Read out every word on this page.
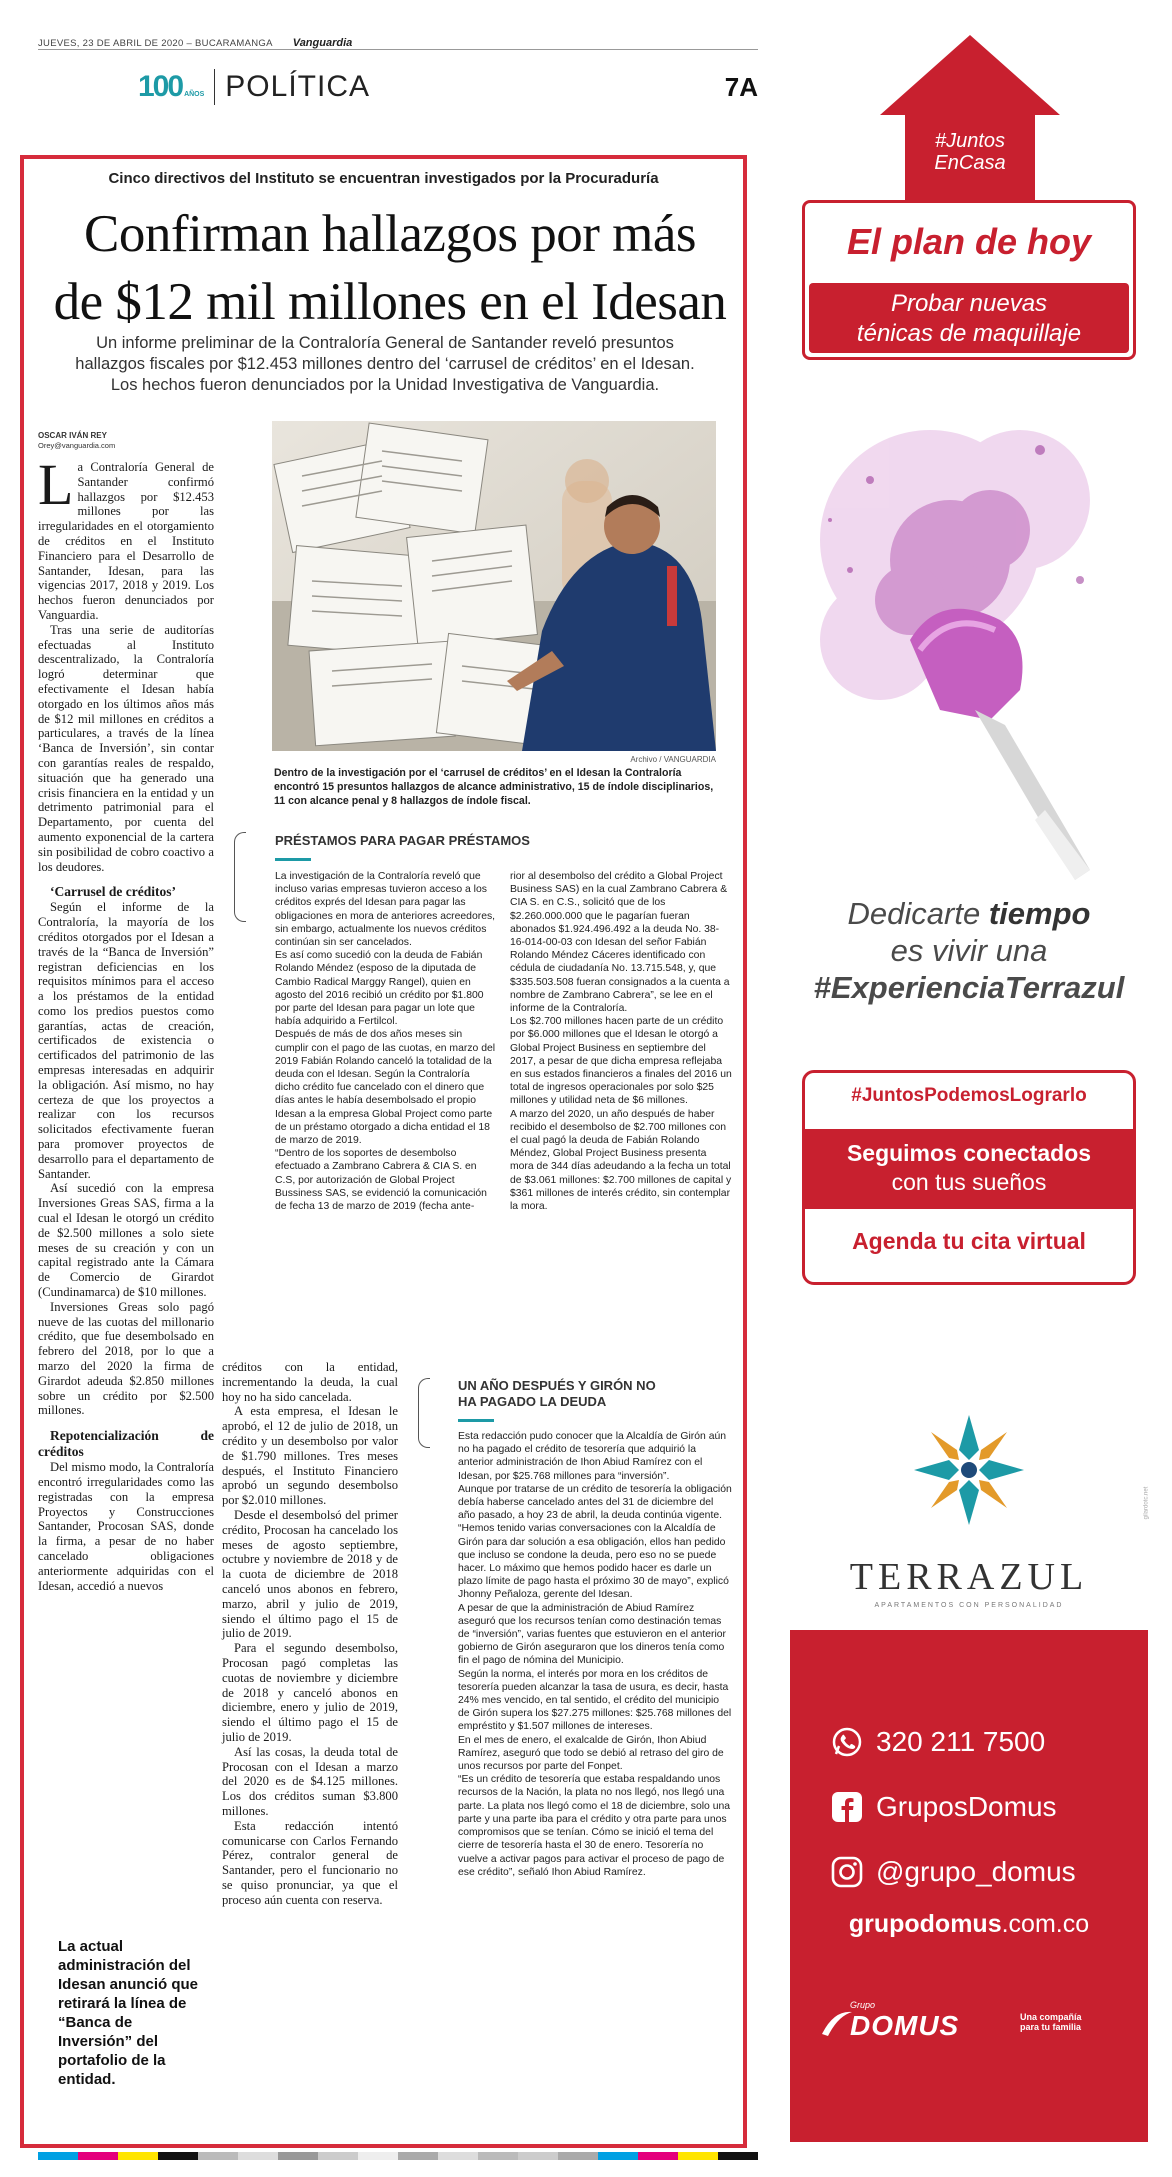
JUEVES, 23 DE ABRIL DE 2020 – BUCARAMANGA Vanguardia
100 AÑOS POLÍTICA	7A
Cinco directivos del Instituto se encuentran investigados por la Procuraduría
Confirman hallazgos por más
de $12 mil millones en el Idesan
Un informe preliminar de la Contraloría General de Santander reveló presuntos hallazgos fiscales por $12.453 millones dentro del ‘carrusel de créditos’ en el Idesan. Los hechos fueron denunciados por la Unidad Investigativa de Vanguardia.
OSCAR IVÁN REY
Orey@vanguardia.com

La Contraloría General de Santander confirmó hallazgos por $12.453 millones por las irregularidades en el otorgamiento de créditos en el Instituto Financiero para el Desarrollo de Santander, Idesan, para las vigencias 2017, 2018 y 2019. Los hechos fueron denunciados por Vanguardia.

Tras una serie de auditorías efectuadas al Instituto descentralizado, la Contraloría logró determinar que efectivamente el Idesan había otorgado en los últimos años más de $12 mil millones en créditos a particulares, a través de la línea ‘Banca de Inversión’, sin contar con garantías reales de respaldo, situación que ha generado una crisis financiera en la entidad y un detrimento patrimonial para el Departamento, por cuenta del aumento exponencial de la cartera sin posibilidad de cobro coactivo a los deudores.

‘Carrusel de créditos’

Según el informe de la Contraloría, la mayoría de los créditos otorgados por el Idesan a través de la “Banca de Inversión” registran deficiencias en los requisitos mínimos para el acceso a los préstamos de la entidad como los predios puestos como garantías, actas de creación, certificados de existencia o certificados del patrimonio de las empresas interesadas en adquirir la obligación. Así mismo, no hay certeza de que los proyectos a realizar con los recursos solicitados efectivamente fueran para promover proyectos de desarrollo para el departamento de Santander.

Así sucedió con la empresa Inversiones Greas SAS, firma a la cual el Idesan le otorgó un crédito de $2.500 millones a solo siete meses de su creación y con un capital registrado ante la Cámara de Comercio de Girardot (Cundinamarca) de $10 millones.

Inversiones Greas solo pagó nueve de las cuotas del millonario crédito, que fue desembolsado en febrero del 2018, por lo que a marzo del 2020 la firma de Girardot adeuda $2.850 millones sobre un crédito por $2.500 millones.

Repotencialización de créditos

Del mismo modo, la Contraloría encontró irregularidades como las registradas con la empresa Proyectos y Construcciones Santander, Procosan SAS, donde la firma, a pesar de no haber cancelado obligaciones anteriormente adquiridas con el Idesan, accedió a nuevos

créditos con la entidad, incrementando la deuda, la cual hoy no ha sido cancelada.

A esta empresa, el Idesan le aprobó, el 12 de julio de 2018, un crédito y un desembolso por valor de $1.790 millones. Tres meses después, el Instituto Financiero aprobó un segundo desembolso por $2.010 millones.

Desde el desembolsó del primer crédito, Procosan ha cancelado los meses de agosto septiembre, octubre y noviembre de 2018 y de la cuota de diciembre de 2018 canceló unos abonos en febrero, marzo, abril y julio de 2019, siendo el último pago el 15 de julio de 2019.

Para el segundo desembolso, Procosan pagó completas las cuotas de noviembre y diciembre de 2018 y canceló abonos en diciembre, enero y julio de 2019, siendo el último pago el 15 de julio de 2019.

Así las cosas, la deuda total de Procosan con el Idesan a marzo del 2020 es de $4.125 millones. Los dos créditos suman $3.800 millones.

Esta redacción intentó comunicarse con Carlos Fernando Pérez, contralor general de Santander, pero el funcionario no se quiso pronunciar, ya que el proceso aún cuenta con reserva.

La actual administración del Idesan anunció que retirará la línea de “Banca de Inversión” del portafolio de la entidad.
Archivo / VANGUARDIA
Dentro de la investigación por el ‘carrusel de créditos’ en el Idesan la Contraloría encontró 15 presuntos hallazgos de alcance administrativo, 15 de índole disciplinarios, 11 con alcance penal y 8 hallazgos de índole fiscal.
PRÉSTAMOS PARA PAGAR PRÉSTAMOS

La investigación de la Contraloría reveló que incluso varias empresas tuvieron acceso a los créditos exprés del Idesan para pagar las obligaciones en mora de anteriores acreedores, sin embargo, actualmente los nuevos créditos continúan sin ser cancelados.

Es así como sucedió con la deuda de Fabián Rolando Méndez (esposo de la diputada de Cambio Radical Marggy Rangel), quien en agosto del 2016 recibió un crédito por $1.800 por parte del Idesan para pagar un lote que había adquirido a Fertilcol.

Después de más de dos años meses sin cumplir con el pago de las cuotas, en marzo del 2019 Fabián Rolando canceló la totalidad de la deuda con el Idesan. Según la Contraloría dicho crédito fue cancelado con el dinero que días antes le había desembolsado el propio Idesan a la empresa Global Project como parte de un préstamo otorgado a dicha entidad el 18 de marzo de 2019.

“Dentro de los soportes de desembolso efectuado a Zambrano Cabrera & CIA S. en C.S, por autorización de Global Project Bussiness SAS, se evidenció la comunicación de fecha 13 de marzo de 2019 (fecha ante-

rior al desembolso del crédito a Global Project Business SAS) en la cual Zambrano Cabrera & CIA S. en C.S., solicitó que de los $2.260.000.000 que le pagarían fueran abonados $1.924.496.492 a la deuda No. 38-16-014-00-03 con Idesan del señor Fabián Rolando Méndez Cáceres identificado con cédula de ciudadanía No. 13.715.548, y, que $335.503.508 fueran consignados a la cuenta a nombre de Zambrano Cabrera”, se lee en el informe de la Contraloría.

Los $2.700 millones hacen parte de un crédito por $6.000 millones que el Idesan le otorgó a Global Project Business en septiembre del 2017, a pesar de que dicha empresa reflejaba en sus estados financieros a finales del 2016 un total de ingresos operacionales por solo $25 millones y utilidad neta de $6 millones.

A marzo del 2020, un año después de haber recibido el desembolso de $2.700 millones con el cual pagó la deuda de Fabián Rolando Méndez, Global Project Business presenta mora de 344 días adeudando a la fecha un total de $3.061 millones: $2.700 millones de capital y $361 millones de interés crédito, sin contemplar la mora.

UN AÑO DESPUÉS Y GIRÓN NO
HA PAGADO LA DEUDA

Esta redacción pudo conocer que la Alcaldía de Girón aún no ha pagado el crédito de tesorería que adquirió la anterior administración de Ihon Abiud Ramírez con el Idesan, por $25.768 millones para “inversión”.

Aunque por tratarse de un crédito de tesorería la obligación debía haberse cancelado antes del 31 de diciembre del año pasado, a hoy 23 de abril, la deuda continúa vigente.

“Hemos tenido varias conversaciones con la Alcaldía de Girón para dar solución a esa obligación, ellos han pedido que incluso se condone la deuda, pero eso no se puede hacer. Lo máximo que hemos podido hacer es darle un plazo límite de pago hasta el próximo 30 de mayo”, explicó Jhonny Peñaloza, gerente del Idesan.

A pesar de que la administración de Abiud Ramírez aseguró que los recursos tenían como destinación temas de “inversión”, varias fuentes que estuvieron en el anterior gobierno de Girón aseguraron que los dineros tenía como fin el pago de nómina del Municipio.

Según la norma, el interés por mora en los créditos de tesorería pueden alcanzar la tasa de usura, es decir, hasta 24% mes vencido, en tal sentido, el crédito del municipio de Girón supera los $27.275 millones: $25.768 millones del empréstito y $1.507 millones de intereses.

En el mes de enero, el exalcalde de Girón, Ihon Abiud Ramírez, aseguró que todo se debió al retraso del giro de unos recursos por parte del Fonpet.

“Es un crédito de tesorería que estaba respaldando unos recursos de la Nación, la plata no nos llegó, nos llegó una parte. La plata nos llegó como el 18 de diciembre, solo una parte y una parte iba para el crédito y otra parte para unos compromisos que se tenían. Cómo se inició el tema del cierre de tesorería hasta el 30 de enero. Tesorería no vuelve a activar pagos para activar el proceso de pago de ese crédito”, señaló Ihon Abiud Ramírez.

#Juntos
EnCasa
El plan de hoy
Probar nuevas
ténicas de maquillaje
Dedicarte tiempo
es vivir una
#ExperienciaTerrazul
#JuntosPodemosLograrlo
Seguimos conectados
con tus sueños
Agenda tu cita virtual
gilardotc.net
TERRAZUL
APARTAMENTOS CON PERSONALIDAD
320 211 7500
GruposDomus
@grupo_domus
grupodomus.com.co
Grupo
DOMUS	Una compañía
para tu familia
